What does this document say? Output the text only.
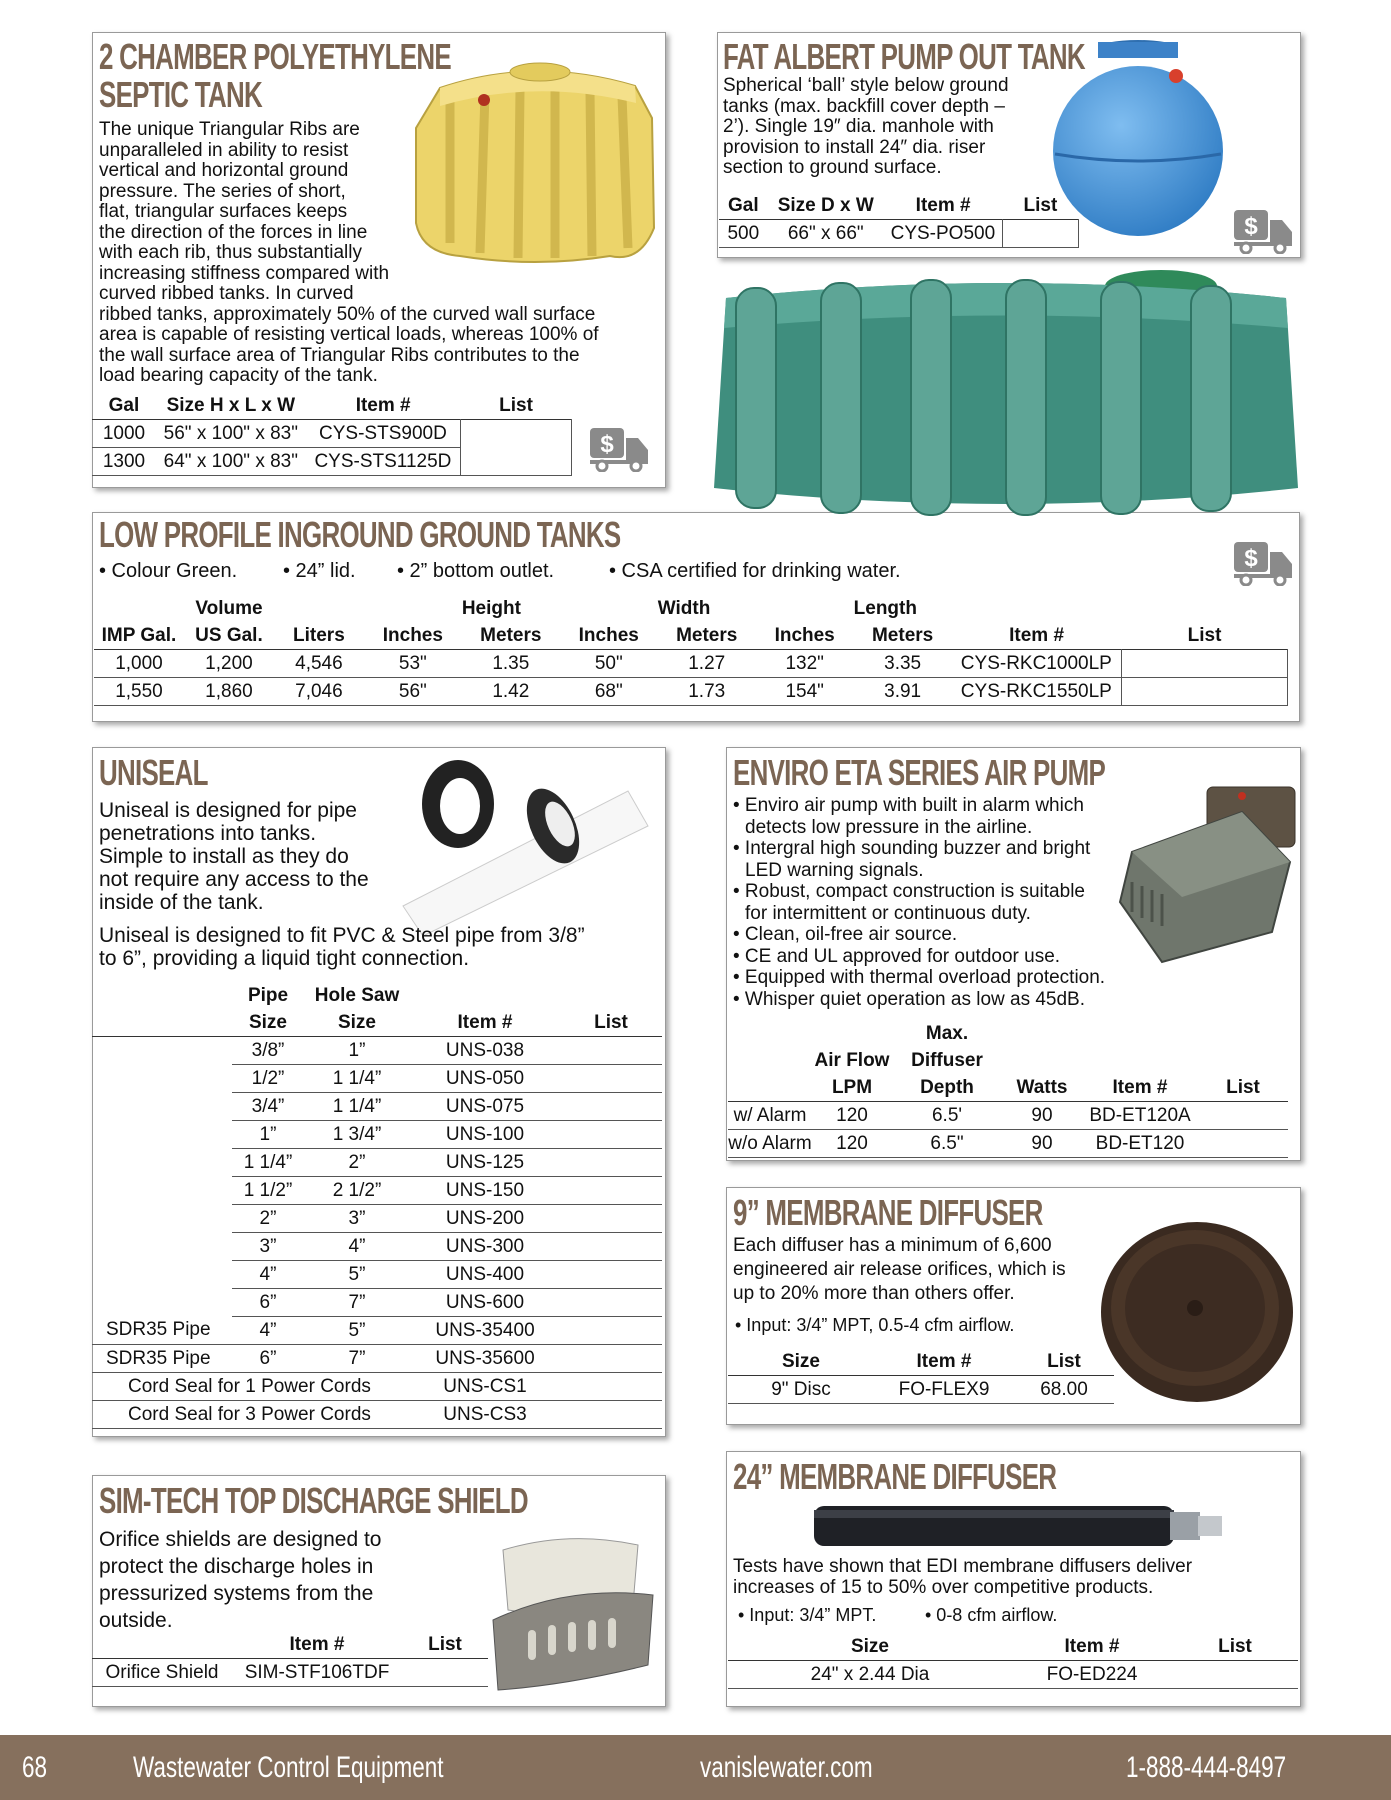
2 CHAMBER POLYETHYLENE
SEPTIC TANK
The unique Triangular Ribs are
unparalleled in ability to resist
vertical and horizontal ground
pressure. The series of short,
flat, triangular surfaces keeps
the direction of the forces in line
with each rib, thus substantially
increasing stiffness compared with
curved ribbed tanks. In curved
ribbed tanks, approximately 50% of the curved wall surface
area is capable of resisting vertical loads, whereas 100% of
the wall surface area of Triangular Ribs contributes to the
load bearing capacity of the tank.
Gal	Size H x L x W	Item #	List
1000	56" x 100" x 83"	CYS-STS900D	
1300	64" x 100" x 83"	CYS-STS1125D	
$
FAT ALBERT PUMP OUT TANK
Spherical ‘ball’ style below ground
tanks (max. backfill cover depth –
2’). Single 19″ dia. manhole with
provision to install 24″ dia. riser
section to ground surface.
Gal	Size D x W	Item #	List
500	66" x 66"	CYS-PO500		$
LOW PROFILE INGROUND GROUND TANKS
• Colour Green. • 24” lid. • 2” bottom outlet.	• CSA certified for drinking water.	$
	Volume			Height		Width		Length		
IMP Gal.	US Gal.	Liters	Inches	Meters	Inches	Meters	Inches	Meters	Item #	List
1,000	1,200	4,546	53"	1.35	50"	1.27	132"	3.35	CYS-RKC1000LP	
1,550	1,860	7,046	56"	1.42	68"	1.73	154"	3.91	CYS-RKC1550LP	
UNISEAL
Uniseal is designed for pipe
penetrations into tanks.
Simple to install as they do
not require any access to the
inside of the tank.
Uniseal is designed to fit PVC & Steel pipe from 3/8”
to 6”, providing a liquid tight connection.
	Pipe	Hole Saw		
	Size	Size	Item #	List
	3/8”	1”	UNS-038	
	1/2”	1 1/4”	UNS-050	
	3/4”	1 1/4”	UNS-075	
	1”	1 3/4”	UNS-100	
	1 1/4”	2”	UNS-125	
	1 1/2”	2 1/2”	UNS-150	
	2”	3”	UNS-200	
	3”	4”	UNS-300	
	4”	5”	UNS-400	
	6”	7”	UNS-600	
SDR35 Pipe	4”	5”	UNS-35400	
SDR35 Pipe	6”	7”	UNS-35600	
Cord Seal for 1 Power Cords			UNS-CS1	
Cord Seal for 3 Power Cords			UNS-CS3	
SIM-TECH TOP DISCHARGE SHIELD
Orifice shields are designed to
protect the discharge holes in
pressurized systems from the
outside.
	Item #	List
Orifice Shield	SIM-STF106TDF	
ENVIRO ETA SERIES AIR PUMP
• Enviro air pump with built in alarm which
detects low pressure in the airline.
• Intergral high sounding buzzer and bright
LED warning signals.
• Robust, compact construction is suitable
for intermittent or continuous duty.
• Clean, oil-free air source.
• CE and UL approved for outdoor use.
• Equipped with thermal overload protection.
• Whisper quiet operation as low as 45dB.
		Max.			
	Air Flow	Diffuser			
	LPM	Depth	Watts	Item #	List
w/ Alarm	120	6.5'	90	BD-ET120A	
w/o Alarm	120	6.5"	90	BD-ET120	
9” MEMBRANE DIFFUSER
Each diffuser has a minimum of 6,600
engineered air release orifices, which is
up to 20% more than others offer.
• Input: 3/4” MPT, 0.5-4 cfm airflow.
Size	Item #	List
9" Disc	FO-FLEX9	68.00
24” MEMBRANE DIFFUSER
Tests have shown that EDI membrane diffusers deliver
increases of 15 to 50% over competitive products.
• Input: 3/4” MPT.	• 0-8 cfm airflow.
Size	Item #	List
24" x 2.44 Dia	FO-ED224	
68	Wastewater Control Equipment	vanislewater.com	1-888-444-8497
